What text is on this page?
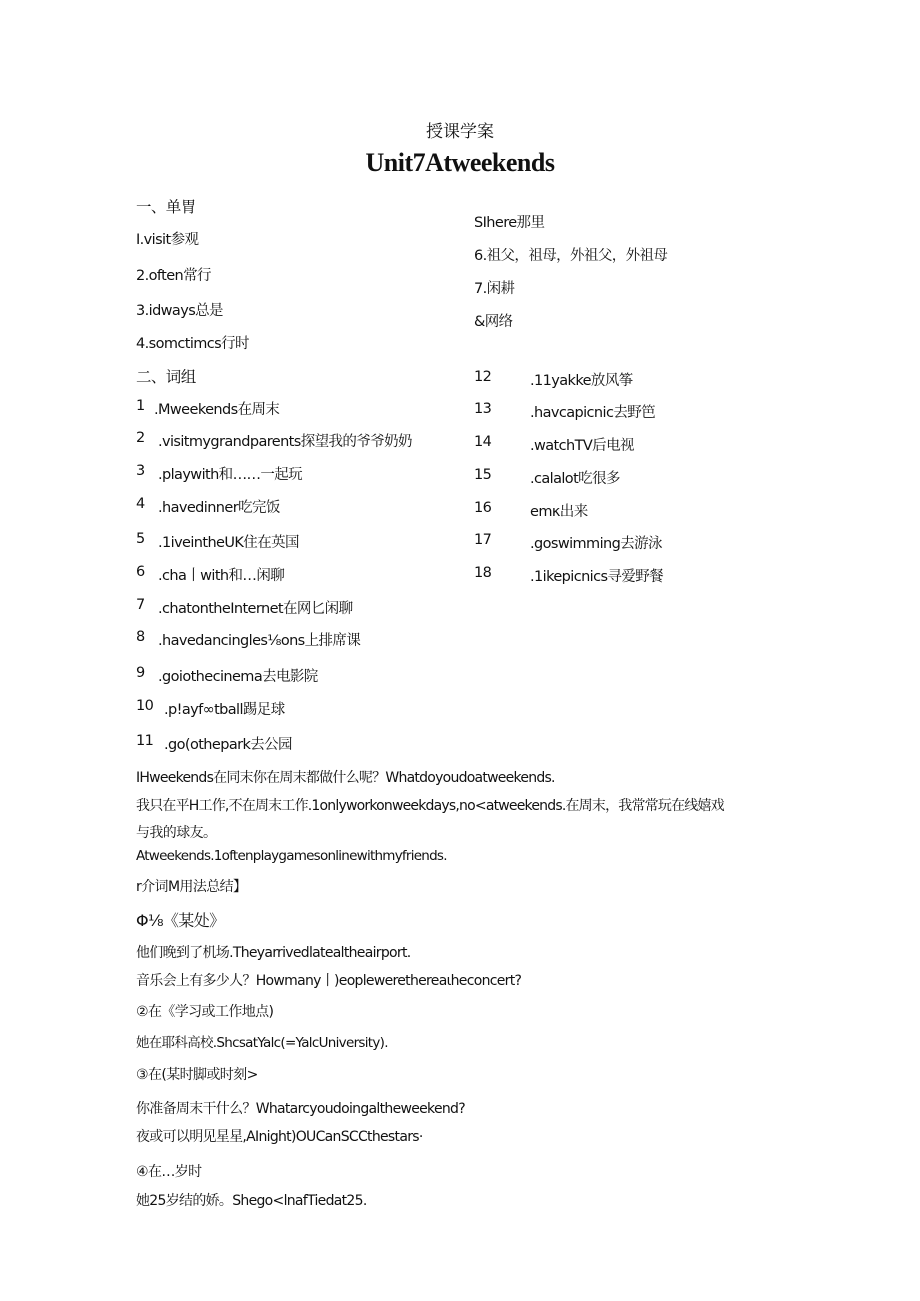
授课学案
Unit7Atweekends
一、单胃
I.visit参观
2.often常行
3.idways总是
4.somctimcs行时
SIhere那里
6.祖父，祖母，外祖父，外祖母
7.闲耕
&网络
二、词组
1 .Mweekends在周末
2 .visitmygrandparents探望我的爷爷奶奶
3 .playwith和……一起玩
4 .havedinner吃完饭
5 .1iveintheUK住在英国
6 .cha丨with和…闲聊
7 .chatontheInternet在网匕闲聊
8 .havedancingles⅛ons上排席课
9 .goiothecinema去电影院
10 .p!ayf∞tball踢足球
11 .go(othepark去公园
12	.11yakke放风筝
13	.havcapicnic去野笆
14	.watchTV后电视
15	.calalot吃很多
16	emκ出来
17	.goswimming去游泳
18	.1ikepicnics寻爱野餐
IHweekends在同末你在周末都做什么呢？Whatdoyoudoatweekends.
我只在平H工作,不在周末工作.1onlyworkonweekdays,no<atweekends.在周末，我常常玩在线嬉戏
与我的球友。
Atweekends.1oftenplaygamesonlinewithmyfriends.
r介词M用法总结】
Φ⅛《某处》
他们晚到了机场.Theyarrivedlatealtheairport.
音乐会上有多少人？Howmany丨)eoplewerethereaιheconcert?
②在《学习或工作地点)
她在耶科高校.ShcsatYalc(=YalcUniversity).
③在(某时脚或时刻>
你准备周末干什么？Whatarcyoudoingaltheweekend?
夜或可以明见星星,AInight)OUCanSCCthestars·
④在…岁时
她25岁结的娇。Shego<lnafTiedat25.
